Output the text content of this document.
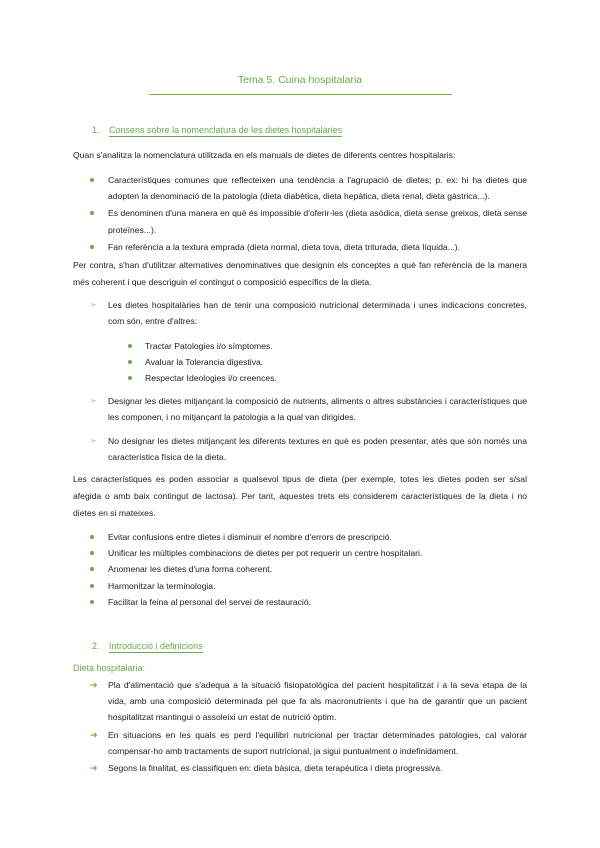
Tema 5. Cuina hospitalaria
1. Consens sobre la nomenclatura de les dietes hospitalàries
Quan s'analitza la nomenclatura utilitzada en els manuals de dietes de diferents centres hospitalaris:
Característiques comunes que reflecteixen una tendència a l'agrupació de dietes; p. ex: hi ha dietes que adopten la denominació de la patologia (dieta diabètica, dieta hepàtica, dieta renal, dieta gàstrica...).
Es denominen d'una manera en què és impossible d'oferir-les (dieta asòdica, dieta sense greixos, dieta sense proteïnes...).
Fan referència a la textura emprada (dieta normal, dieta tova, dieta triturada, dieta líquida...).
Per contra, s'han d'utilitzar alternatives denominatives que designin els conceptes a què fan referència de la manera més coherent i que descriguin el contingut o composició específics de la dieta.
➢ Les dietes hospitalàries han de tenir una composició nutricional determinada i unes indicacions concretes, com són, entre d'altres:
Tractar Patologies i/o símptomes.
Avaluar la Tolerancia digestiva.
Respectar Ideologies i/o creences.
➢ Designar les dietes mitjançant la composició de nutrients, aliments o altres substàncies i característiques que les componen, i no mitjançant la patologia a la qual van dirigides.
➢ No designar les dietes mitjançant les diferents textures en què es poden presentar, atès que són només una característica física de la dieta.
Les característiques es poden associar a qualsevol tipus de dieta (per exemple, totes les dietes poden ser s/sal afegida o amb baix contingut de lactosa). Per tant, aquestes trets els considerem característiques de la dieta i no dietes en si mateixes.
Evitar confusions entre dietes i disminuir el nombre d'errors de prescripció.
Unificar les múltiples combinacions de dietes per pot requerir un centre hospitalari.
Anomenar les dietes d'una forma coherent.
Harmonitzar la terminologia.
Facilitar la feina al personal del servei de restauració.
2. Introducció i definicions
Dieta hospitalaria:
➔ Pla d'alimentació que s'adequa a la situació fisiopatològica del pacient hospitalitzat i a la seva etapa de la vida, amb una composició determinada pel que fa als macronutrients i que ha de garantir que un pacient hospitalitzat mantingui o assoleixi un estat de nutrició òptim.
➔ En situacions en les quals es perd l'equilibri nutricional per tractar determinades patologies, cal valorar compensar-ho amb tractaments de suport nutricional, ja sigui puntualment o indefinidament.
➔ Segons la finalitat, es classifiquen en: dieta bàsica, dieta terapèutica i dieta progressiva.
